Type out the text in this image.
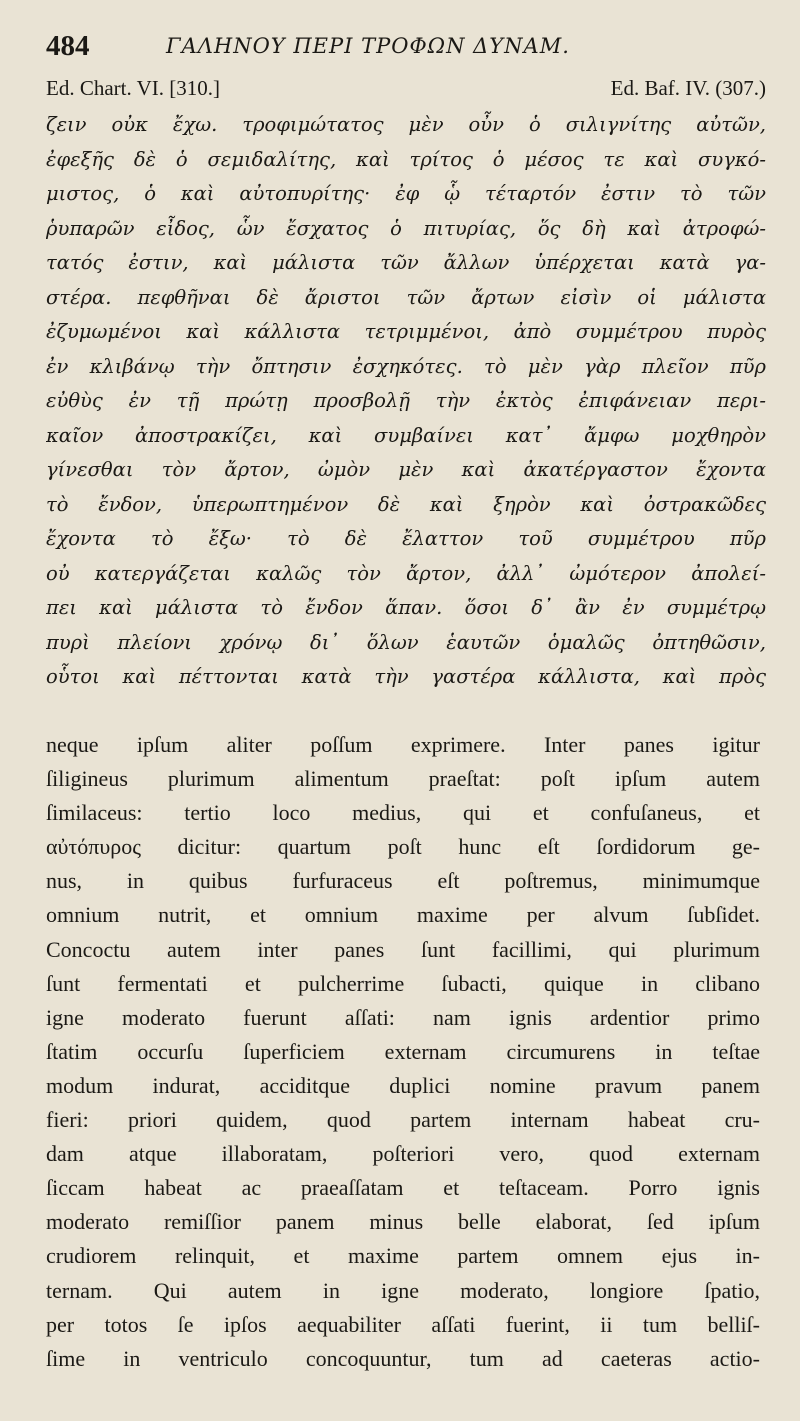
484	ΓΑΛΗΝΟΥ ΠΕΡΙ ΤΡΟΦΩΝ ΔΥΝΑΜ.
Ed. Chart. VI. [310.]	Ed. Baf. IV. (307.)
ζειν οὐκ ἔχω. τροφιμώτατος μὲν οὖν ὁ σιλιγνίτης αὐτῶν,
ἐφεξῆς δὲ ὁ σεμιδαλίτης, καὶ τρίτος ὁ μέσος τε καὶ συγκό-
μιστος, ὁ καὶ αὐτοπυρίτης· ἐφ ᾧ τέταρτόν ἐστιν τὸ τῶν
ῥυπαρῶν εἶδος, ὧν ἔσχατος ὁ πιτυρίας, ὅς δὴ καὶ ἀτροφώ-
τατός ἐστιν, καὶ μάλιστα τῶν ἄλλων ὑπέρχεται κατὰ γα-
στέρα. πεφθῆναι δὲ ἄριστοι τῶν ἄρτων εἰσὶν οἱ μάλιστα
ἐζυμωμένοι καὶ κάλλιστα τετριμμένοι, ἀπὸ συμμέτρου πυρὸς
ἐν κλιβάνῳ τὴν ὄπτησιν ἐσχηκότες. τὸ μὲν γὰρ πλεῖον πῦρ
εὐθὺς ἐν τῇ πρώτῃ προσβολῇ τὴν ἐκτὸς ἐπιφάνειαν περι-
καῖον ἀποστρακίζει, καὶ συμβαίνει κατ᾽ ἄμφω μοχθηρὸν
γίνεσθαι τὸν ἄρτον, ὠμὸν μὲν καὶ ἀκατέργαστον ἔχοντα
τὸ ἔνδον, ὑπερωπτημένον δὲ καὶ ξηρὸν καὶ ὀστρακῶδες
ἔχοντα τὸ ἔξω· τὸ δὲ ἔλαττον τοῦ συμμέτρου πῦρ
οὐ κατεργάζεται καλῶς τὸν ἄρτον, ἀλλ᾽ ὠμότερον ἀπολεί-
πει καὶ μάλιστα τὸ ἔνδον ἅπαν. ὅσοι δ᾽ ἂν ἐν συμμέτρῳ
πυρὶ πλείονι χρόνῳ δι᾽ ὅλων ἑαυτῶν ὁμαλῶς ὀπτηθῶσιν,
οὗτοι καὶ πέττονται κατὰ τὴν γαστέρα κάλλιστα, καὶ πρὸς
neque ipſum aliter poſſum exprimere. Inter panes igitur
ſiligineus plurimum alimentum praeſtat: poſt ipſum autem
ſimilaceus: tertio loco medius, qui et confuſaneus, et
αὐτόπυρος dicitur: quartum poſt hunc eſt ſordidorum ge-
nus, in quibus furfuraceus eſt poſtremus, minimumque
omnium nutrit, et omnium maxime per alvum ſubſidet.
Concoctu autem inter panes ſunt facillimi, qui plurimum
ſunt fermentati et pulcherrime ſubacti, quique in clibano
igne moderato fuerunt aſſati: nam ignis ardentior primo
ſtatim occurſu ſuperficiem externam circumurens in teſtae
modum indurat, acciditque duplici nomine pravum panem
fieri: priori quidem, quod partem internam habeat cru-
dam atque illaboratam, poſteriori vero, quod externam
ſiccam habeat ac praeaſſatam et teſtaceam. Porro ignis
moderato remiſſior panem minus belle elaborat, ſed ipſum
crudiorem relinquit, et maxime partem omnem ejus in-
ternam. Qui autem in igne moderato, longiore ſpatio,
per totos ſe ipſos aequabiliter aſſati fuerint, ii tum belliſ-
ſime in ventriculo concoquuntur, tum ad caeteras actio-
